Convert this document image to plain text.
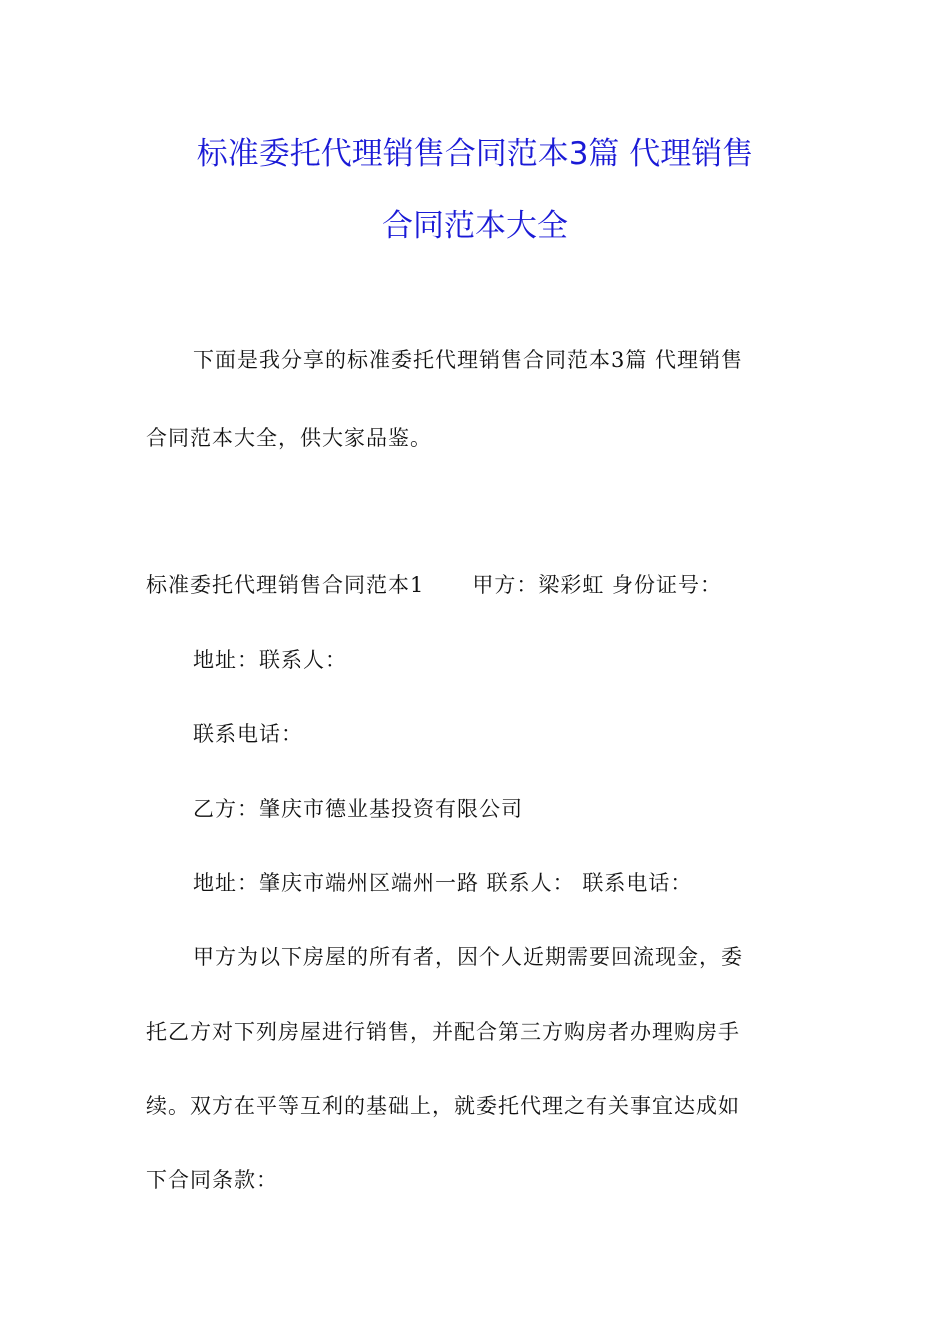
标准委托代理销售合同范本3篇 代理销售
合同范本大全
下面是我分享的标准委托代理销售合同范本3篇 代理销售
合同范本大全，供大家品鉴。
标准委托代理销售合同范本1 甲方：梁彩虹 身份证号：
地址：联系人：
联系电话：
乙方：肇庆市德业基投资有限公司
地址：肇庆市端州区端州一路 联系人： 联系电话：
甲方为以下房屋的所有者，因个人近期需要回流现金，委
托乙方对下列房屋进行销售，并配合第三方购房者办理购房手
续。双方在平等互利的基础上，就委托代理之有关事宜达成如
下合同条款：
